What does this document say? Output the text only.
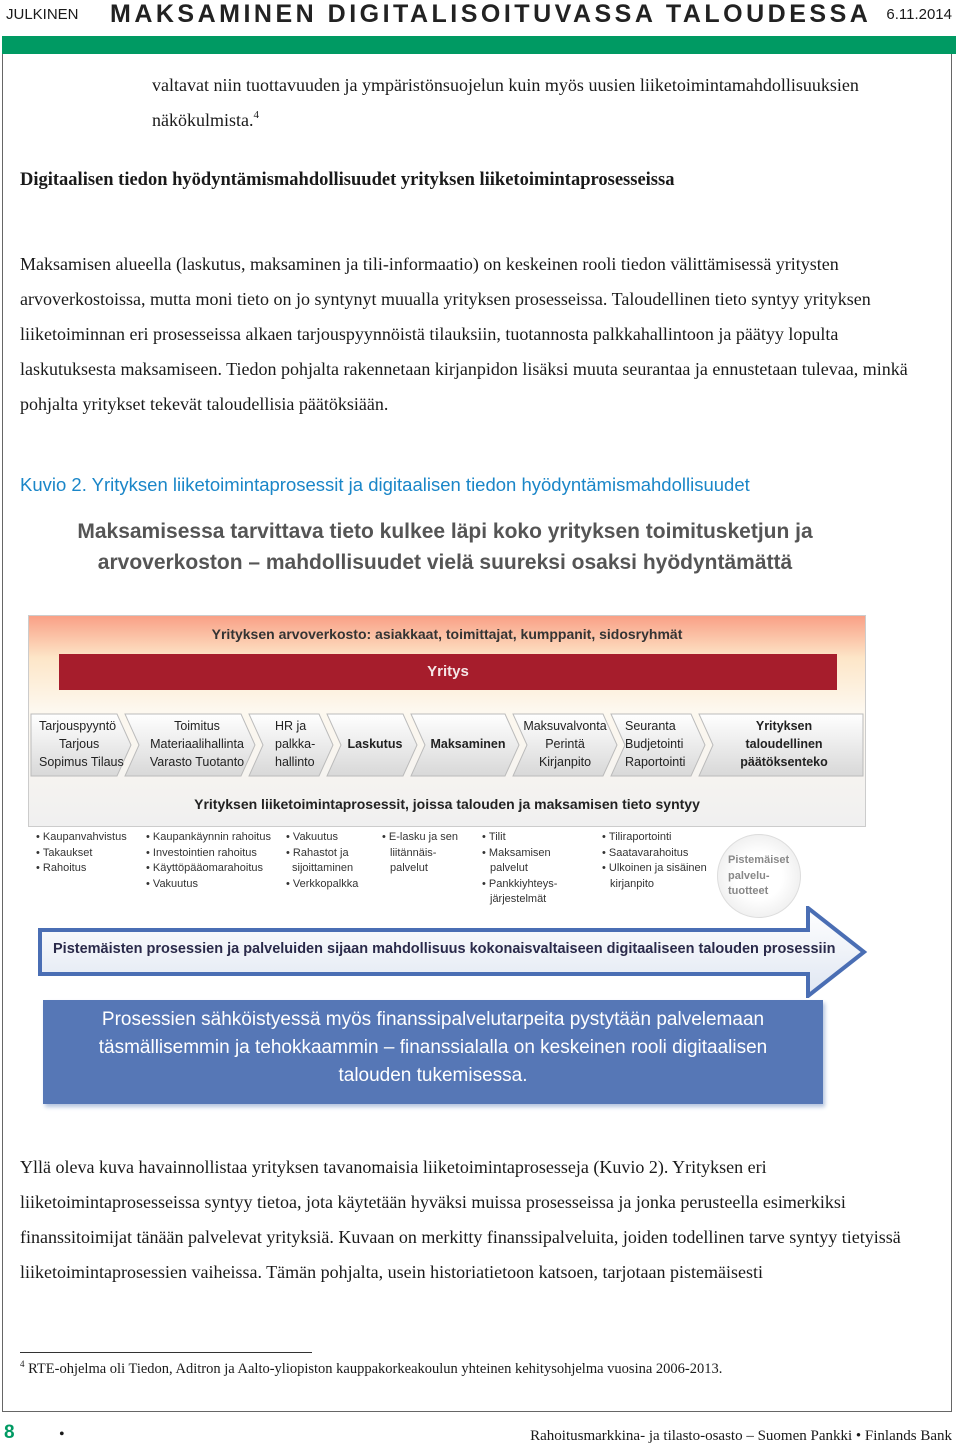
JULKINEN MAKSAMINEN DIGITALISOITUVASSA TALOUDESSA 6.11.2014
valtavat niin tuottavuuden ja ympäristönsuojelun kuin myös uusien liiketoimintamahdollisuuksien näkökulmista.$^4$
Digitaalisen tiedon hyödyntämismahdollisuudet yrityksen liiketoimintaprosesseissa
Maksamisen alueella (laskutus, maksaminen ja tili-informaatio) on keskeinen rooli tiedon välittämisessä yritysten arvoverkostoissa, mutta moni tieto on jo syntynyt muualla yrityksen prosesseissa. Taloudellinen tieto syntyy yrityksen liiketoiminnan eri prosesseissa alkaen tarjouspyynnöistä tilauksiin, tuotannosta palkkahallintoon ja päätyy lopulta laskutuksesta maksamiseen. Tiedon pohjalta rakennetaan kirjanpidon lisäksi muuta seurantaa ja ennustetaan tulevaa, minkä pohjalta yritykset tekevät taloudellisia päätöksiään.
Kuvio 2. Yrityksen liiketoimintaprosessit ja digitaalisen tiedon hyödyntämismahdollisuudet
Maksamisessa tarvittava tieto kulkee läpi koko yrityksen toimitusketjun ja
arvoverkoston – mahdollisuudet vielä suureksi osaksi hyödyntämättä
Yrityksen arvoverkosto: asiakkaat, toimittajat, kumppanit, sidosryhmät
Yritys
Tarjouspyyntö
Tarjous
Sopimus Tilaus
Toimitus
Materiaalihallinta
Varasto Tuotanto
HR ja
palkka-
hallinto

Laskutus
	Maksaminen
Maksuvalvonta
Perintä
Kirjanpito
Seuranta
Budjetointi
Raportointi
Yrityksen
taloudellinen
päätöksenteko
Yrityksen liiketoimintaprosessit, joissa talouden ja maksamisen tieto syntyy
• Kaupanvahvistus
• Takaukset
• Rahoitus
• Kaupankäynnin rahoitus
• Investointien rahoitus
• Käyttöpääomarahoitus
• Vakuutus
• Vakuutus
• Rahastot ja
sijoittaminen
• Verkkopalkka
• E-lasku ja sen
liitännäis-
palvelut
• Tilit
• Maksamisen
palvelut
• Pankkiyhteys-
järjestelmät
• Tiliraportointi
• Saatavarahoitus
• Ulkoinen ja sisäinen
kirjanpito
Pistemäiset
palvelu-
tuotteet
Pistemäisten prosessien ja palveluiden sijaan mahdollisuus kokonaisvaltaiseen digitaaliseen talouden prosessiin
Prosessien sähköistyessä myös finanssipalvelutarpeita pystytään palvelemaan
täsmällisemmin ja tehokkaammin – finanssialalla on keskeinen rooli digitaalisen
talouden tukemisessa.
Yllä oleva kuva havainnollistaa yrityksen tavanomaisia liiketoimintaprosesseja (Kuvio 2). Yrityksen eri liiketoimintaprosesseissa syntyy tietoa, jota käytetään hyväksi muissa prosesseissa ja jonka perusteella esimerkiksi finanssitoimijat tänään palvelevat yrityksiä. Kuvaan on merkitty finanssipalveluita, joiden todellinen tarve syntyy tietyissä liiketoimintaprosessien vaiheissa. Tämän pohjalta, usein historiatietoon katsoen, tarjotaan pistemäisesti
$^4$ RTE-ohjelma oli Tiedon, Aditron ja Aalto-yliopiston kauppakorkeakoulun yhteinen kehitysohjelma vuosina 2006-2013.
8	•	Rahoitusmarkkina- ja tilasto-osasto – Suomen Pankki • Finlands Bank
